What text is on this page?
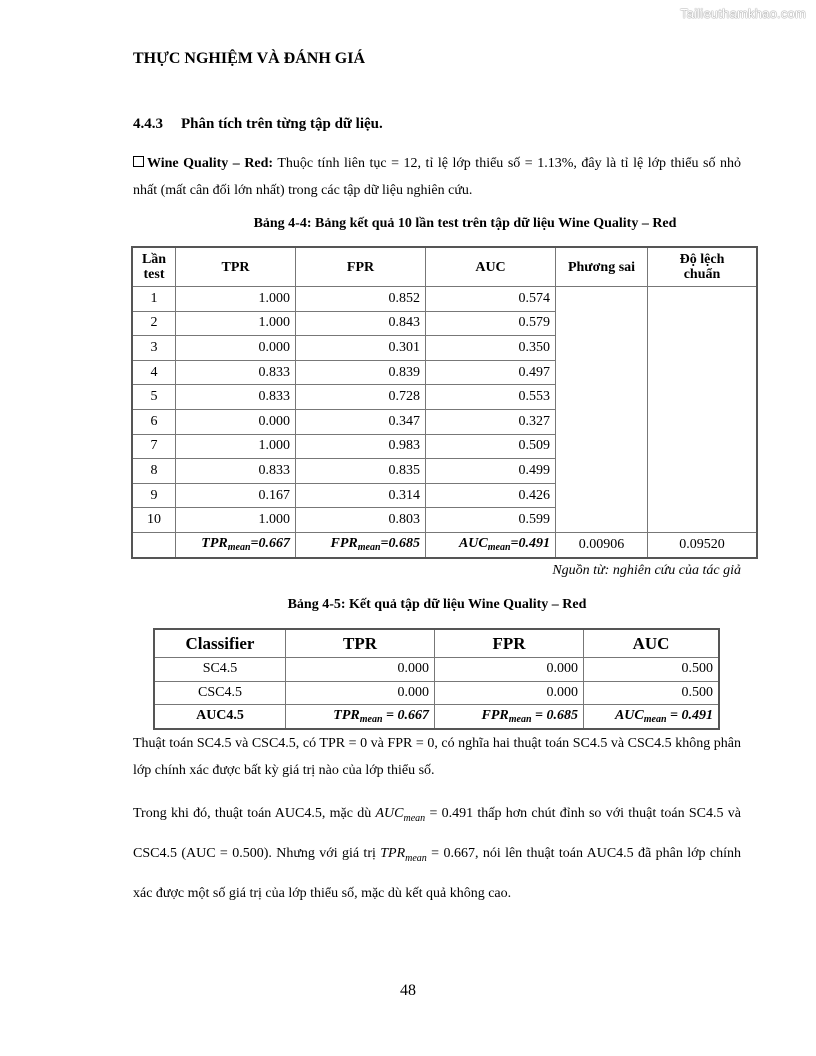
Tailieuthamkhao.com
THỰC NGHIỆM VÀ ĐÁNH GIÁ
4.4.3 Phân tích trên từng tập dữ liệu.

Wine Quality – Red: Thuộc tính liên tục = 12, tỉ lệ lớp thiểu số = 1.13%, đây là tỉ lệ lớp thiểu số nhỏ nhất (mất cân đối lớn nhất) trong các tập dữ liệu nghiên cứu.

Bảng 4-4: Bảng kết quả 10 lần test trên tập dữ liệu Wine Quality – Red
Lần
test	TPR	FPR	AUC	Phương sai	Độ lệch
chuẩn
1	1.000	0.852	0.574		
2	1.000	0.843	0.579		
3	0.000	0.301	0.350		
4	0.833	0.839	0.497		
5	0.833	0.728	0.553		
6	0.000	0.347	0.327		
7	1.000	0.983	0.509		
8	0.833	0.835	0.499		
9	0.167	0.314	0.426		
10	1.000	0.803	0.599		
	$TPR_{mean}=0.667$	$FPR_{mean}=0.685$	$AUC_{mean}=0.491$	0.00906	0.09520
Nguồn từ: nghiên cứu của tác giả
Bảng 4-5: Kết quả tập dữ liệu Wine Quality – Red
Classifier	TPR	FPR	AUC
SC4.5	0.000	0.000	0.500
CSC4.5	0.000	0.000	0.500
AUC4.5	$TPR_{mean} = 0.667$	$FPR_{mean} = 0.685$	$AUC_{mean} = 0.491$

Thuật toán SC4.5 và CSC4.5, có TPR = 0 và FPR = 0, có nghĩa hai thuật toán SC4.5 và CSC4.5 không phân lớp chính xác được bất kỳ giá trị nào của lớp thiểu số.

Trong khi đó, thuật toán AUC4.5, mặc dù $AUC_{mean} = 0.491$ thấp hơn chút đỉnh so với thuật toán SC4.5 và CSC4.5 (AUC = 0.500). Nhưng với giá trị $TPR_{mean} = 0.667$, nói lên thuật toán AUC4.5 đã phân lớp chính xác được một số giá trị của lớp thiểu số, mặc dù kết quả không cao.

48
